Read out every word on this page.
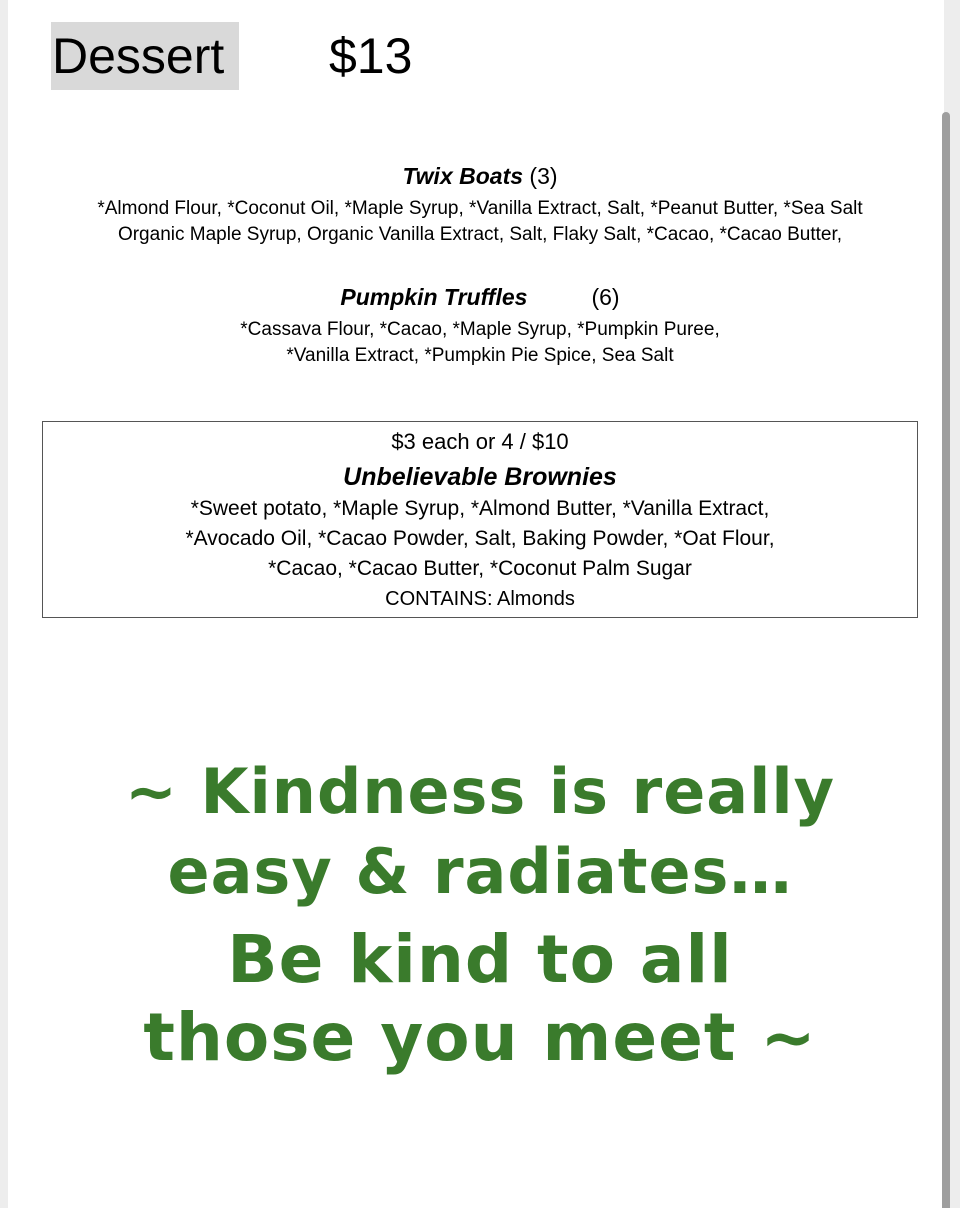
Dessert $13
Twix Boats (3)
*Almond Flour, *Coconut Oil, *Maple Syrup, *Vanilla Extract, Salt, *Peanut Butter, *Sea Salt
Organic Maple Syrup, Organic Vanilla Extract, Salt, Flaky Salt, *Cacao, *Cacao Butter,
Pumpkin Truffles	(6)
*Cassava Flour, *Cacao, *Maple Syrup, *Pumpkin Puree,
*Vanilla Extract, *Pumpkin Pie Spice, Sea Salt
$3 each or 4 / $10
Unbelievable Brownies
*Sweet potato, *Maple Syrup, *Almond Butter, *Vanilla Extract,
*Avocado Oil, *Cacao Powder, Salt, Baking Powder, *Oat Flour,
*Cacao, *Cacao Butter, *Coconut Palm Sugar
CONTAINS: Almonds
~ Kindness is really
easy & radiates…
Be kind to all
those you meet ~
